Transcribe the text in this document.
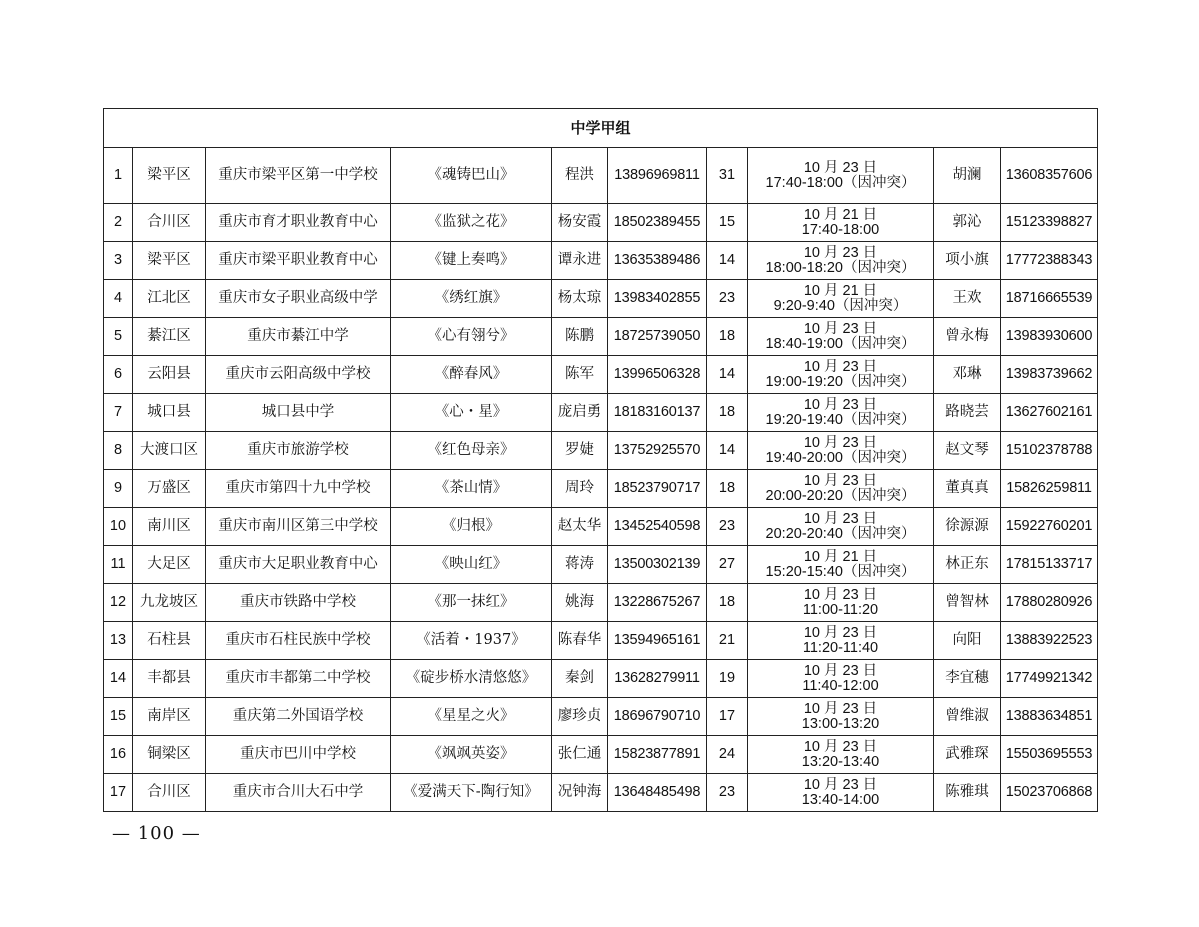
中学甲组									
1	梁平区	重庆市梁平区第一中学校	《魂铸巴山》	程洪	13896969811	31	10 月 23 日
17:40-18:00（因冲突）	胡澜	13608357606
2	合川区	重庆市育才职业教育中心	《监狱之花》	杨安霞	18502389455	15	10 月 21 日
17:40-18:00	郭沁	15123398827
3	梁平区	重庆市梁平职业教育中心	《键上奏鸣》	谭永进	13635389486	14	10 月 23 日
18:00-18:20（因冲突）	项小旗	17772388343
4	江北区	重庆市女子职业高级中学	《绣红旗》	杨太琼	13983402855	23	10 月 21 日
9:20-9:40（因冲突）	王欢	18716665539
5	綦江区	重庆市綦江中学	《心有翎兮》	陈鹏	18725739050	18	10 月 23 日
18:40-19:00（因冲突）	曾永梅	13983930600
6	云阳县	重庆市云阳高级中学校	《醉春风》	陈军	13996506328	14	10 月 23 日
19:00-19:20（因冲突）	邓琳	13983739662
7	城口县	城口县中学	《心・星》	庞启勇	18183160137	18	10 月 23 日
19:20-19:40（因冲突）	路晓芸	13627602161
8	大渡口区	重庆市旅游学校	《红色母亲》	罗婕	13752925570	14	10 月 23 日
19:40-20:00（因冲突）	赵文琴	15102378788
9	万盛区	重庆市第四十九中学校	《茶山情》	周玲	18523790717	18	10 月 23 日
20:00-20:20（因冲突）	董真真	15826259811
10	南川区	重庆市南川区第三中学校	《归根》	赵太华	13452540598	23	10 月 23 日
20:20-20:40（因冲突）	徐源源	15922760201
11	大足区	重庆市大足职业教育中心	《映山红》	蒋涛	13500302139	27	10 月 21 日
15:20-15:40（因冲突）	林正东	17815133717
12	九龙坡区	重庆市铁路中学校	《那一抹红》	姚海	13228675267	18	10 月 23 日
11:00-11:20	曾智林	17880280926
13	石柱县	重庆市石柱民族中学校	《活着・1937》	陈春华	13594965161	21	10 月 23 日
11:20-11:40	向阳	13883922523
14	丰都县	重庆市丰都第二中学校	《碇步桥水清悠悠》	秦剑	13628279911	19	10 月 23 日
11:40-12:00	李宜穗	17749921342
15	南岸区	重庆第二外国语学校	《星星之火》	廖珍贞	18696790710	17	10 月 23 日
13:00-13:20	曾维淑	13883634851
16	铜梁区	重庆市巴川中学校	《飒飒英姿》	张仁通	15823877891	24	10 月 23 日
13:20-13:40	武雅琛	15503695553
17	合川区	重庆市合川大石中学	《爱满天下-陶行知》	况钟海	13648485498	23	10 月 23 日
13:40-14:00	陈雅琪	15023706868
— 100 —
